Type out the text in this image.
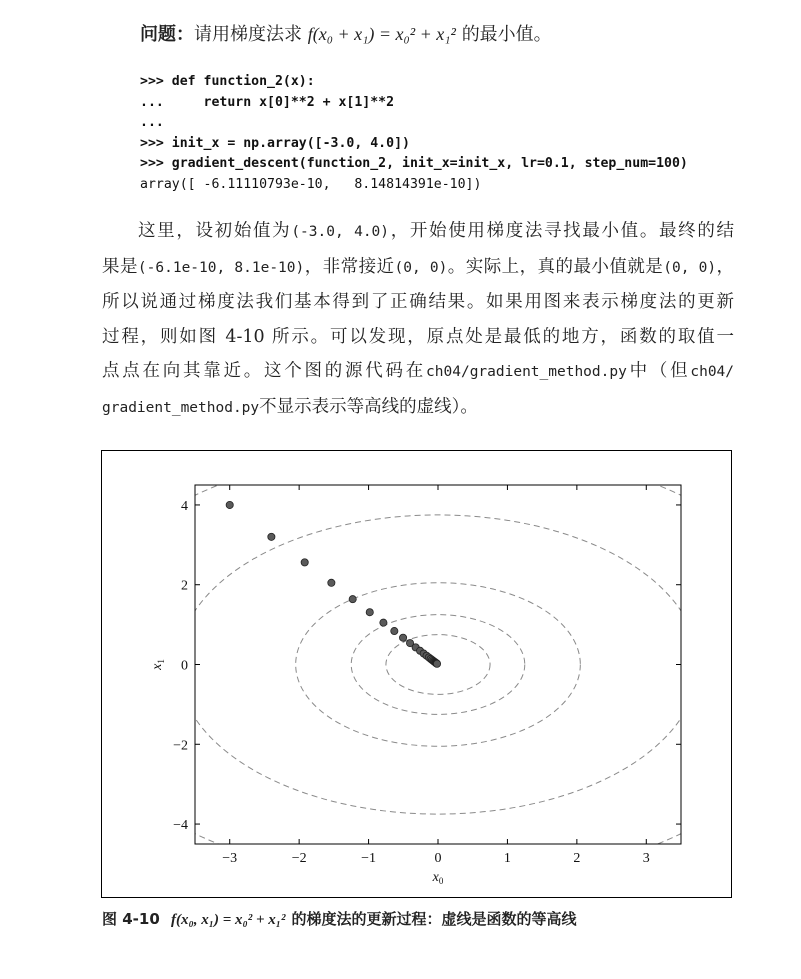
问题：请用梯度法求 f(x₀ + x₁) = x₀² + x₁² 的最小值。
>>> def function_2(x):
...     return x[0]**2 + x[1]**2
...
>>> init_x = np.array([-3.0, 4.0])
>>> gradient_descent(function_2, init_x=init_x, lr=0.1, step_num=100)
array([ -6.11110793e-10,   8.14814391e-10])
这里，设初始值为(-3.0, 4.0)，开始使用梯度法寻找最小值。最终的结
果是(-6.1e-10, 8.1e-10)，非常接近(0, 0)。实际上，真的最小值就是(0, 0)，
所以说通过梯度法我们基本得到了正确结果。如果用图来表示梯度法的更新
过程，则如图 4-10 所示。可以发现，原点处是最低的地方，函数的取值一
点点在向其靠近。这个图的源代码在ch04/gradient_method.py中（但ch04/
gradient_method.py不显示表示等高线的虚线）。
−3	−2	−1	0	1	2	3
−4
−2
0
2
4
$x_0$
$x_1$
图 4-10 f(x₀, x₁) = x₀² + x₁² 的梯度法的更新过程：虚线是函数的等高线
